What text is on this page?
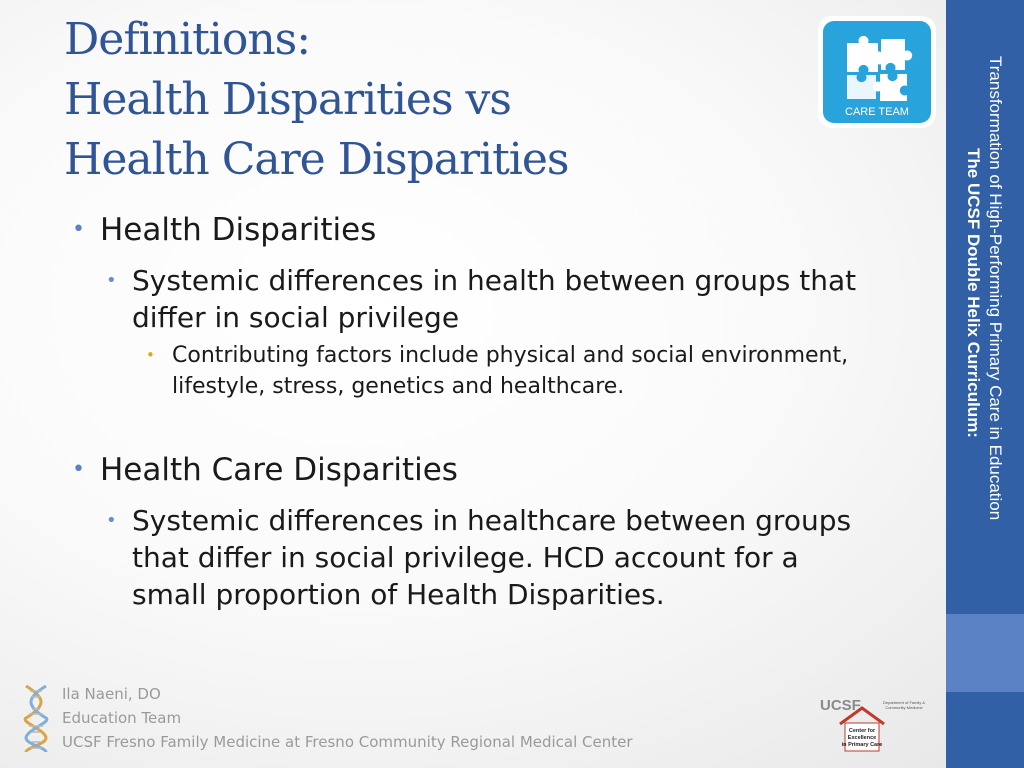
Definitions:
Health Disparities vs
Health Care Disparities
• Health Disparities
• Systemic differences in health between groups that differ in social privilege
• Contributing factors include physical and social environment, lifestyle, stress, genetics and healthcare.
• Health Care Disparities
• Systemic differences in healthcare between groups that differ in social privilege. HCD account for a small proportion of Health Disparities.
CARE TEAM	Transformation of High-Performing Primary Care in Education
The UCSF Double Helix Curriculum:
Ila Naeni, DO
Education Team
UCSF Fresno Family Medicine at Fresno Community Regional Medical Center
UCSF	Department of Family &
Community Medicine
Center for
Excellence
in Primary Care
